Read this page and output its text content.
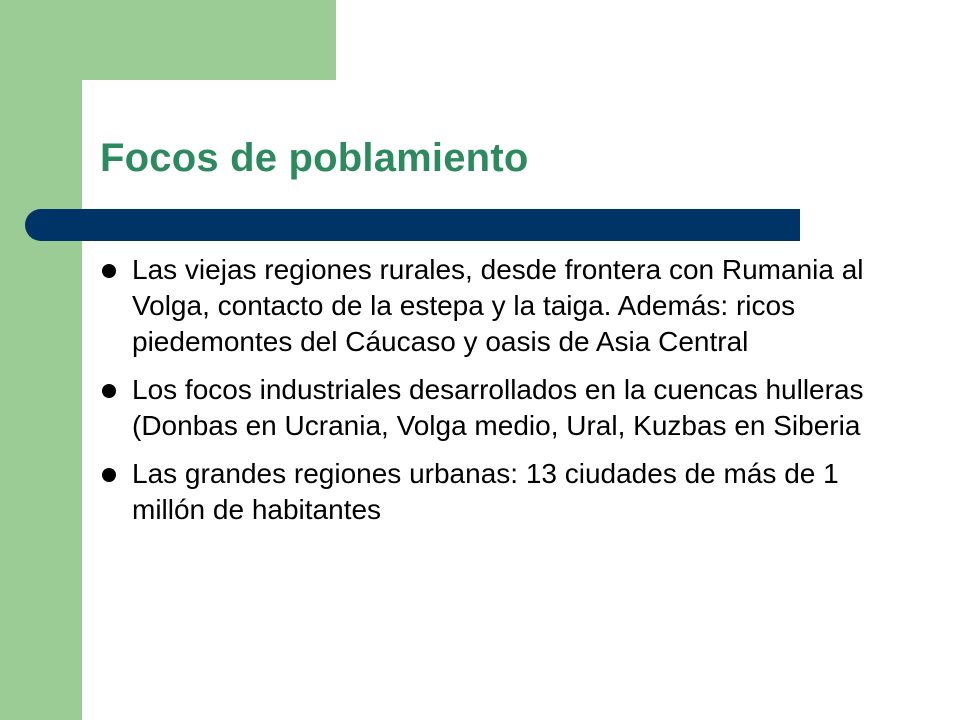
Focos de poblamiento
Las viejas regiones rurales, desde frontera con Rumania al Volga, contacto de la estepa y la taiga. Además: ricos piedemontes del Cáucaso y oasis de Asia Central
Los focos industriales desarrollados en la cuencas hulleras (Donbas en Ucrania, Volga medio, Ural, Kuzbas en Siberia
Las grandes regiones urbanas: 13 ciudades de más de 1 millón de habitantes
